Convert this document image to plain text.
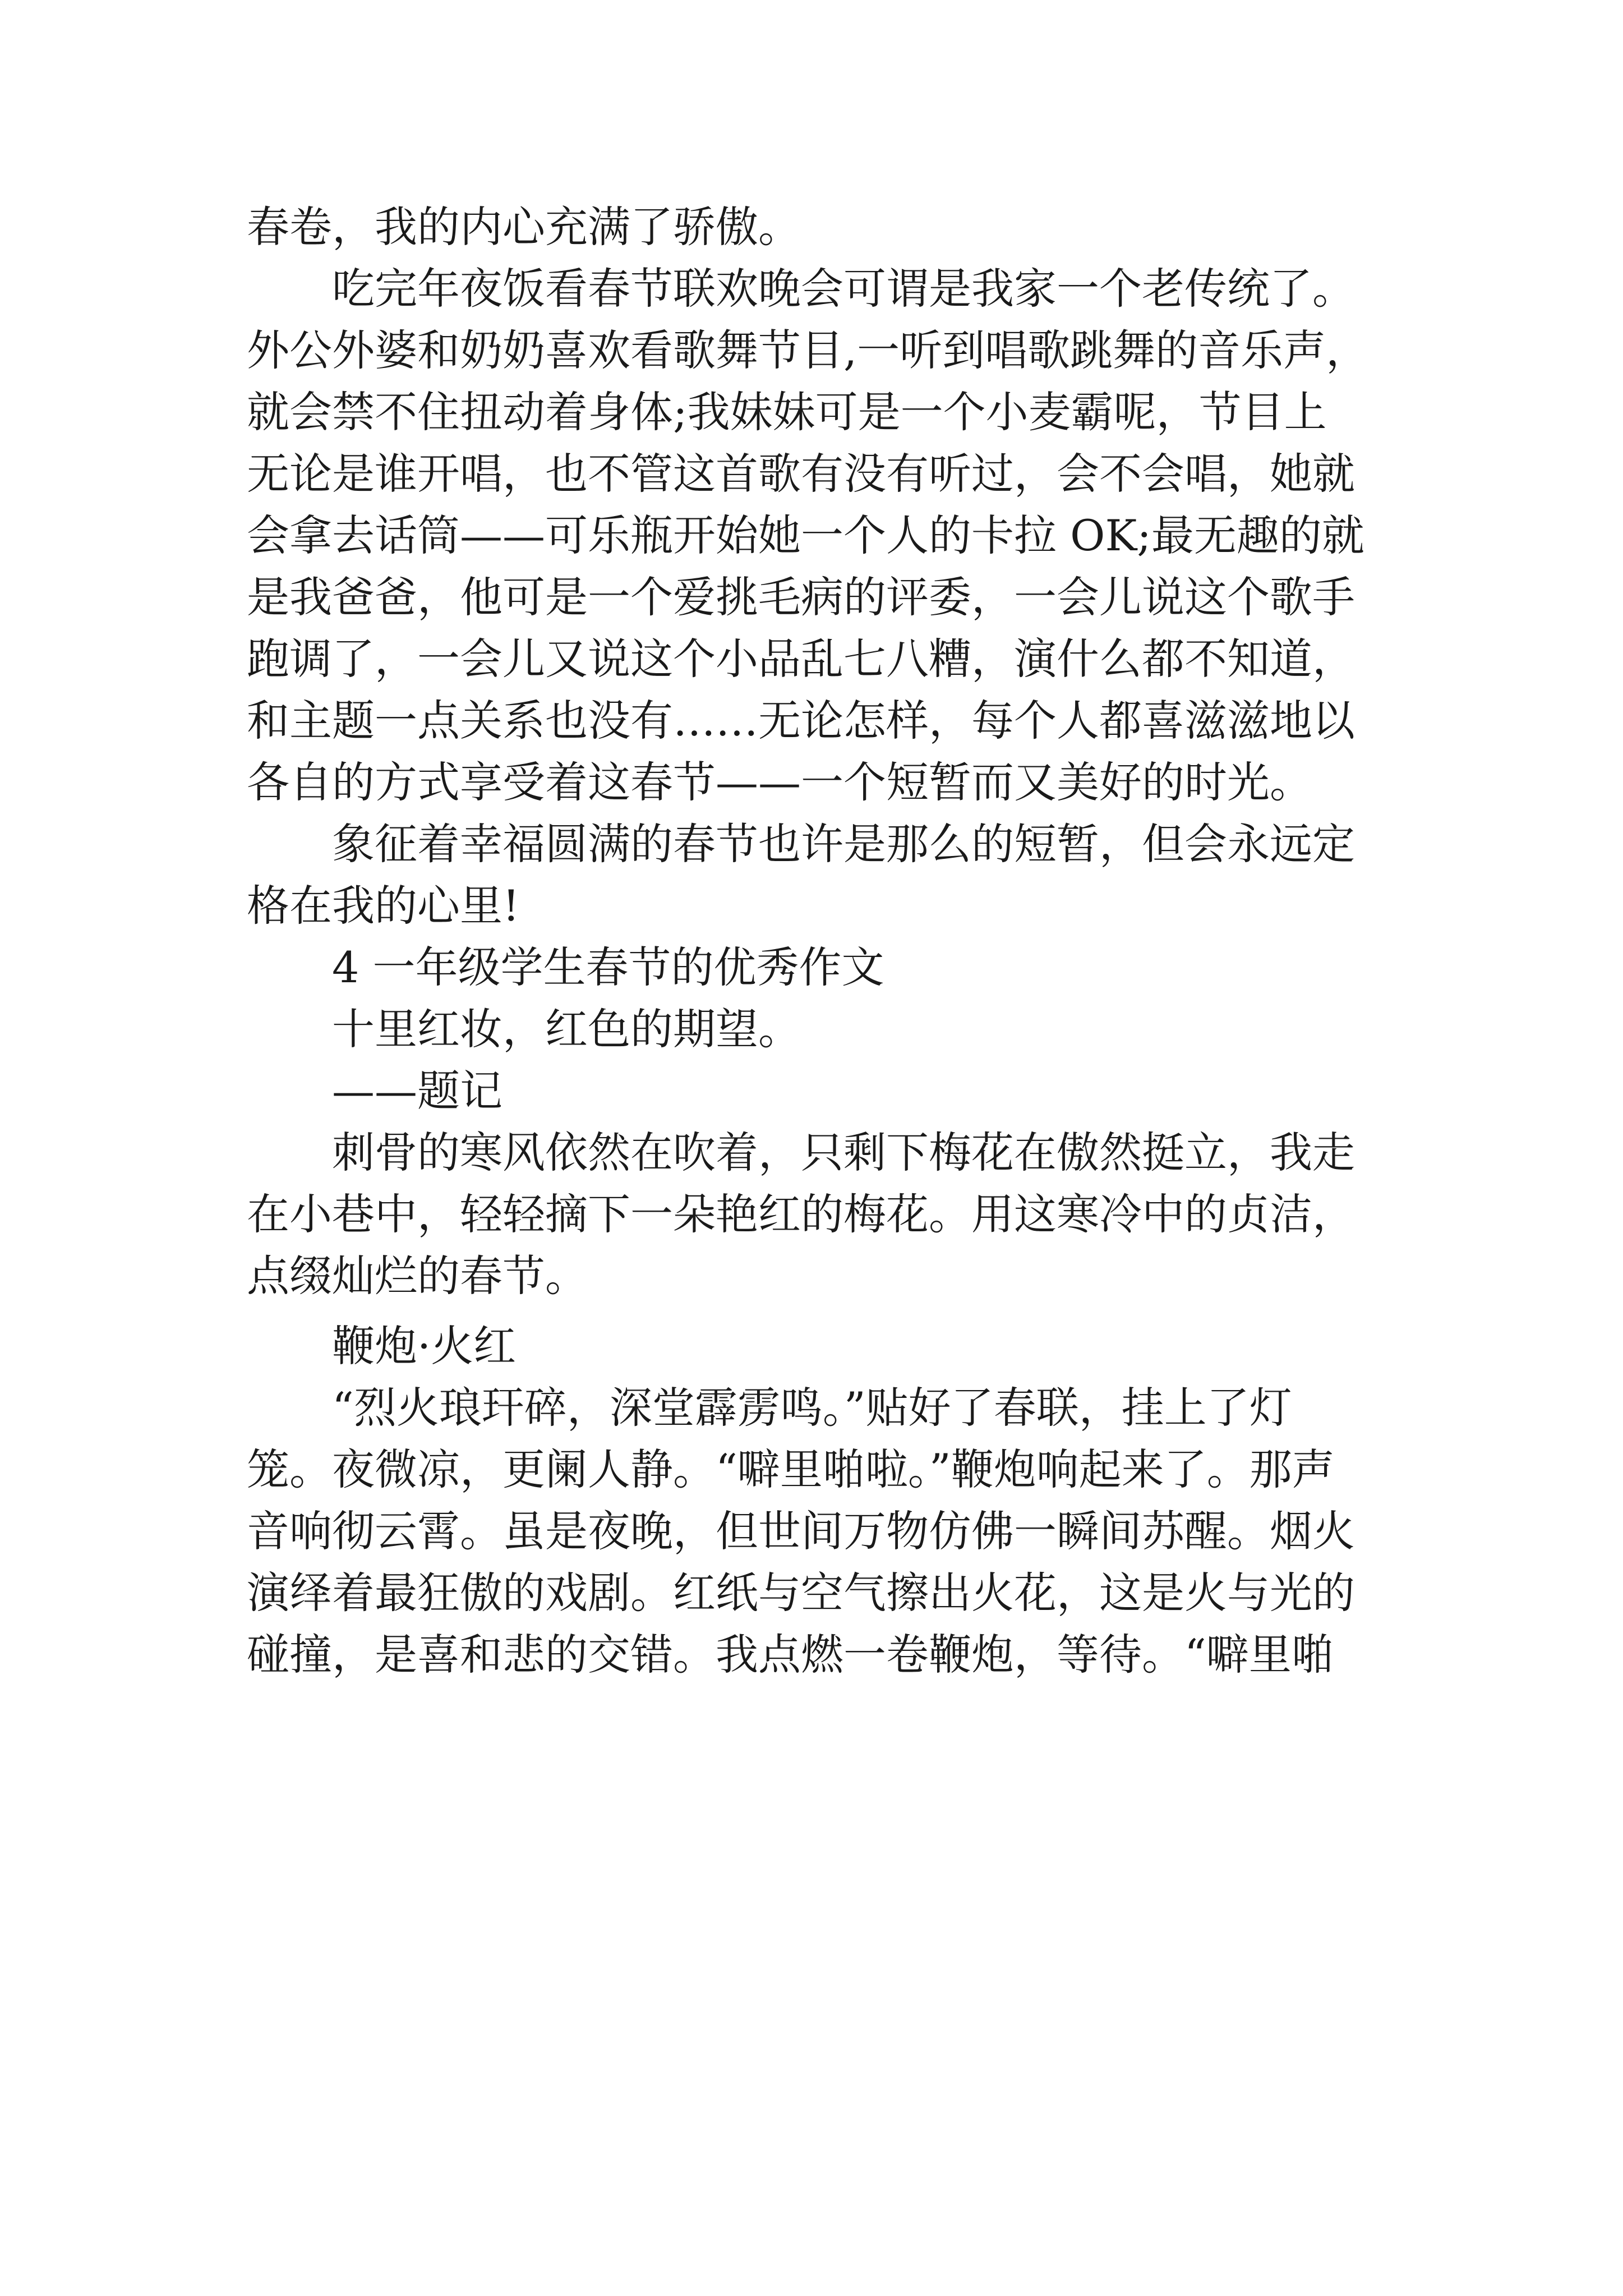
春卷，我的内心充满了骄傲。
吃完年夜饭看春节联欢晚会可谓是我家一个老传统了。
外公外婆和奶奶喜欢看歌舞节目,一听到唱歌跳舞的音乐声，
就会禁不住扭动着身体;我妹妹可是一个小麦霸呢，节目上
无论是谁开唱，也不管这首歌有没有听过，会不会唱，她就
会拿去话筒——可乐瓶开始她一个人的卡拉 OK;最无趣的就
是我爸爸，他可是一个爱挑毛病的评委，一会儿说这个歌手
跑调了，一会儿又说这个小品乱七八糟，演什么都不知道，
和主题一点关系也没有……无论怎样，每个人都喜滋滋地以
各自的方式享受着这春节——一个短暂而又美好的时光。
象征着幸福圆满的春节也许是那么的短暂，但会永远定
格在我的心里!
4 一年级学生春节的优秀作文
十里红妆，红色的期望。
——题记
刺骨的寒风依然在吹着，只剩下梅花在傲然挺立，我走
在小巷中，轻轻摘下一朵艳红的梅花。用这寒冷中的贞洁，
点缀灿烂的春节。
鞭炮·火红
“烈火琅玕碎，深堂霹雳鸣。”贴好了春联，挂上了灯
笼。夜微凉，更阑人静。“噼里啪啦。”鞭炮响起来了。那声
音响彻云霄。虽是夜晚，但世间万物仿佛一瞬间苏醒。烟火
演绎着最狂傲的戏剧。红纸与空气擦出火花，这是火与光的
碰撞，是喜和悲的交错。我点燃一卷鞭炮，等待。“噼里啪
